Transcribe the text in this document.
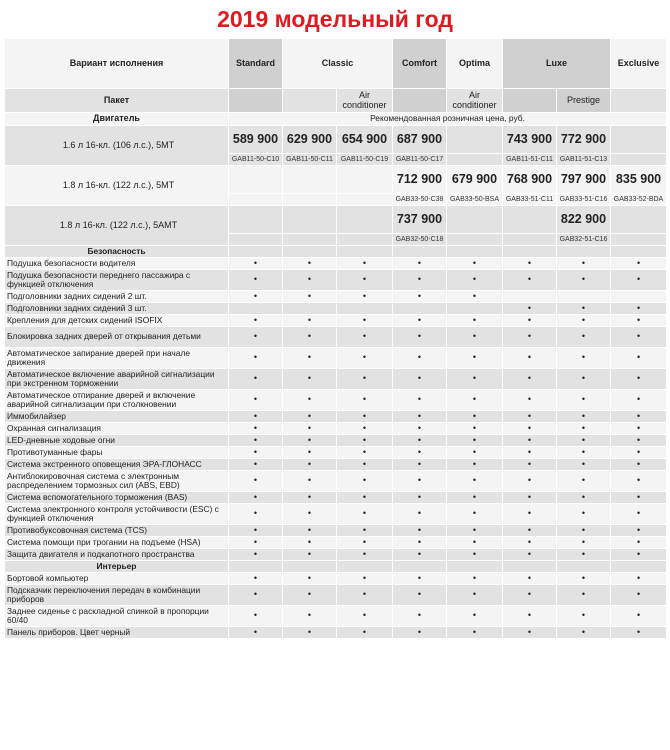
2019 модельный год
Вариант исполнения	Standard	Classic		Comfort	Optima	Luxe		Exclusive
Пакет			Air conditioner		Air conditioner		Prestige	
Двигатель	Рекомендованная розничная цена, руб.							
1.6 л 16-кл. (106 л.с.), 5МТ	589 900	629 900	654 900	687 900		743 900	772 900	
	GAB11-50-C10	GAB11-50-C11	GAB11-50-C19	GAB11-50-C17		GAB11-51-C11	GAB11-51-C13	
1.8 л 16-кл. (122 л.с.), 5МТ				712 900	679 900	768 900	797 900	835 900
				GAB33-50-C38	GAB33-50-BSA	GAB33-51-C11	GAB33-51-C16	GAB33-52-BDA
1.8 л 16-кл. (122 л.с.), 5АМТ				737 900			822 900	
				GAB32-50-C18			GAB32-51-C16	
Безопасность								
Подушка безопасности водителя	•	•	•	•	•	•	•	•
Подушка безопасности переднего пассажира с функцией отключения	•	•	•	•	•	•	•	•
Подголовники задних сидений 2 шт.	•	•	•	•	•			
Подголовники задних сидений 3 шт.						•	•	•
Крепления для детских сидений ISOFIX	•	•	•	•	•	•	•	•
Блокировка задних дверей от открывания детьми	•	•	•	•	•	•	•	•
Автоматическое запирание дверей при начале движения	•	•	•	•	•	•	•	•
Автоматическое включение аварийной сигнализации при экстренном торможении	•	•	•	•	•	•	•	•
Автоматическое отпирание дверей и включение аварийной сигнализации при столкновении	•	•	•	•	•	•	•	•
Иммобилайзер	•	•	•	•	•	•	•	•
Охранная сигнализация	•	•	•	•	•	•	•	•
LED-дневные ходовые огни	•	•	•	•	•	•	•	•
Противотуманные фары	•	•	•	•	•	•	•	•
Система экстренного оповещения ЭРА-ГЛОНАСС	•	•	•	•	•	•	•	•
Антиблокировочная система с электронным распределением тормозных сил (ABS, EBD)	•	•	•	•	•	•	•	•
Система вспомогательного торможения (BAS)	•	•	•	•	•	•	•	•
Система электронного контроля устойчивости (ESC) с функцией отключения	•	•	•	•	•	•	•	•
Противобуксовочная система (TCS)	•	•	•	•	•	•	•	•
Система помощи при трогании на подъеме (HSA)	•	•	•	•	•	•	•	•
Защита двигателя и подкапотного пространства	•	•	•	•	•	•	•	•
Интерьер								
Бортовой компьютер	•	•	•	•	•	•	•	•
Подсказчик переключения передач в комбинации приборов	•	•	•	•	•	•	•	•
Заднее сиденье с раскладной спинкой в пропорции 60/40	•	•	•	•	•	•	•	•
Панель приборов. Цвет черный	•	•	•	•	•	•	•	•
